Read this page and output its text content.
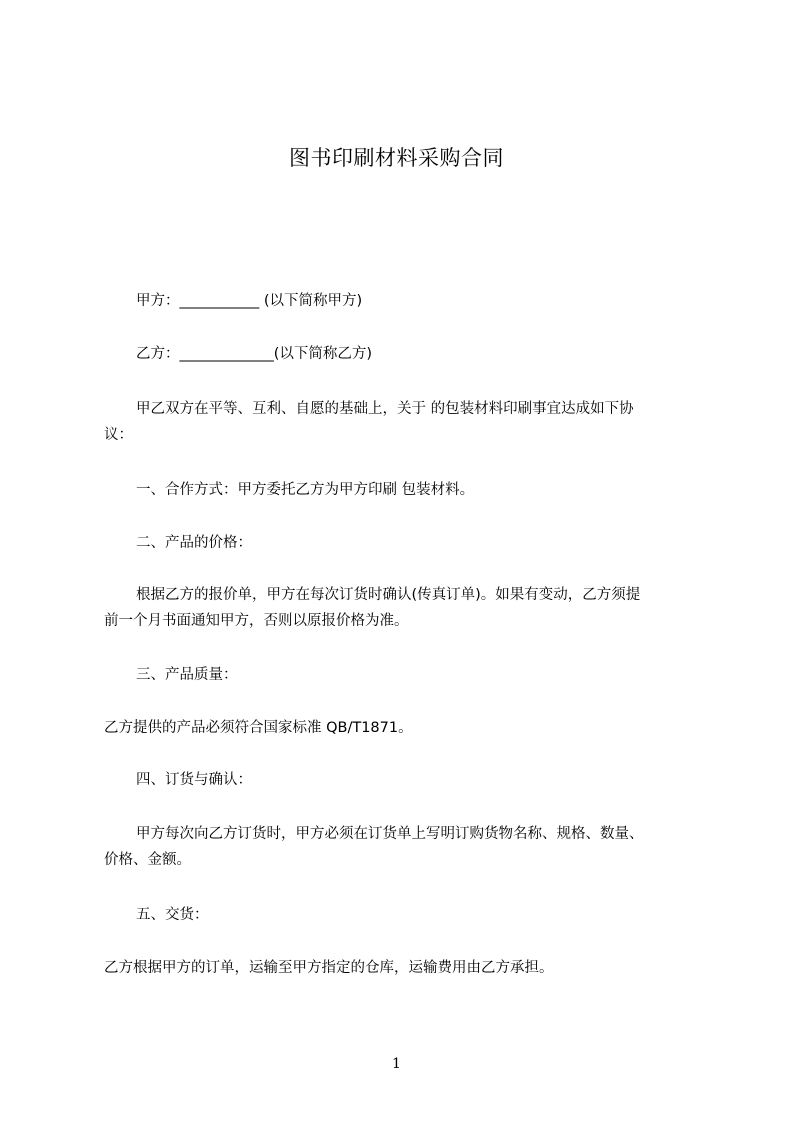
图书印刷材料采购合同
甲方：___________ (以下简称甲方)
乙方：_____________(以下简称乙方)
甲乙双方在平等、互利、自愿的基础上，关于 的包装材料印刷事宜达成如下协
议：
一、合作方式：甲方委托乙方为甲方印刷 包装材料。
二、产品的价格：
根据乙方的报价单，甲方在每次订货时确认(传真订单)。如果有变动，乙方须提
前一个月书面通知甲方，否则以原报价格为准。
三、产品质量：
乙方提供的产品必须符合国家标准 QB/T1871。
四、订货与确认：
甲方每次向乙方订货时，甲方必须在订货单上写明订购货物名称、规格、数量、
价格、金额。
五、交货：
乙方根据甲方的订单，运输至甲方指定的仓库，运输费用由乙方承担。
1
